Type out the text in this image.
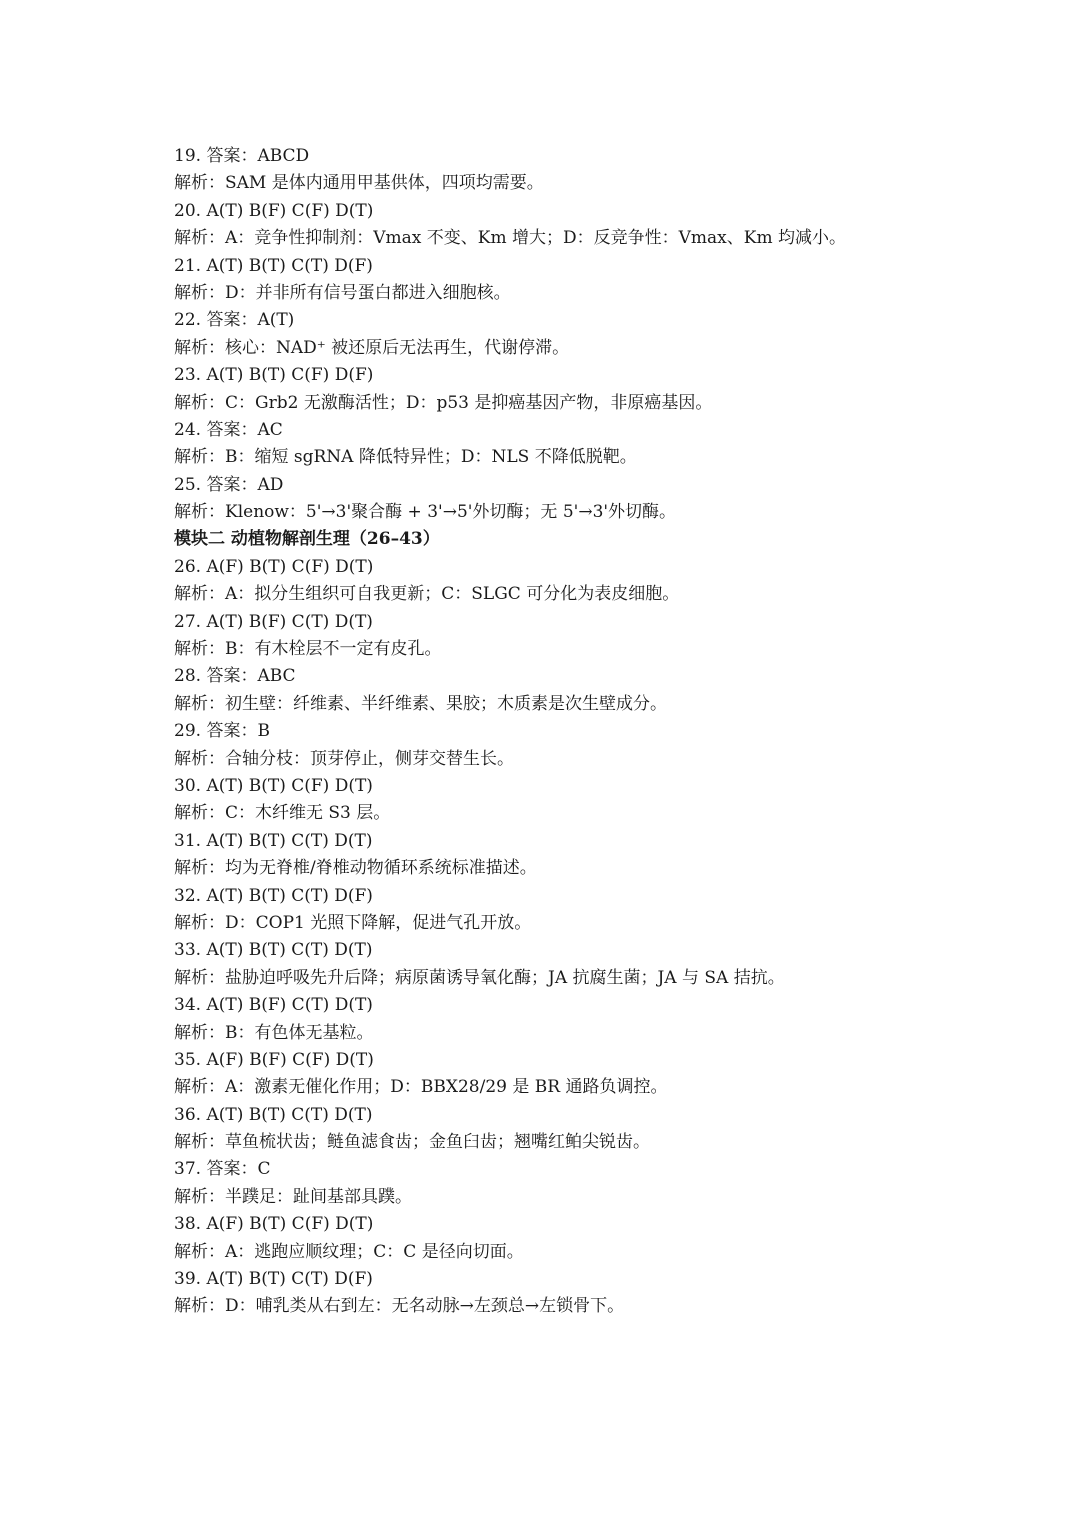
19. 答案：ABCD
解析：SAM 是体内通用甲基供体，四项均需要。
20. A(T) B(F) C(F) D(T)
解析：A：竞争性抑制剂：Vmax 不变、Km 增大；D：反竞争性：Vmax、Km 均减小。
21. A(T) B(T) C(T) D(F)
解析：D：并非所有信号蛋白都进入细胞核。
22. 答案：A(T)
解析：核心：NAD⁺ 被还原后无法再生，代谢停滞。
23. A(T) B(T) C(F) D(F)
解析：C：Grb2 无激酶活性；D：p53 是抑癌基因产物，非原癌基因。
24. 答案：AC
解析：B：缩短 sgRNA 降低特异性；D：NLS 不降低脱靶。
25. 答案：AD
解析：Klenow：5'→3'聚合酶 + 3'→5'外切酶；无 5'→3'外切酶。
模块二 动植物解剖生理（26–43）
26. A(F) B(T) C(F) D(T)
解析：A：拟分生组织可自我更新；C：SLGC 可分化为表皮细胞。
27. A(T) B(F) C(T) D(T)
解析：B：有木栓层不一定有皮孔。
28. 答案：ABC
解析：初生壁：纤维素、半纤维素、果胶；木质素是次生壁成分。
29. 答案：B
解析：合轴分枝：顶芽停止，侧芽交替生长。
30. A(T) B(T) C(F) D(T)
解析：C：木纤维无 S3 层。
31. A(T) B(T) C(T) D(T)
解析：均为无脊椎/脊椎动物循环系统标准描述。
32. A(T) B(T) C(T) D(F)
解析：D：COP1 光照下降解，促进气孔开放。
33. A(T) B(T) C(T) D(T)
解析：盐胁迫呼吸先升后降；病原菌诱导氧化酶；JA 抗腐生菌；JA 与 SA 拮抗。
34. A(T) B(F) C(T) D(T)
解析：B：有色体无基粒。
35. A(F) B(F) C(F) D(T)
解析：A：激素无催化作用；D：BBX28/29 是 BR 通路负调控。
36. A(T) B(T) C(T) D(T)
解析：草鱼梳状齿；鲢鱼滤食齿；金鱼臼齿；翘嘴红鲌尖锐齿。
37. 答案：C
解析：半蹼足：趾间基部具蹼。
38. A(F) B(T) C(F) D(T)
解析：A：逃跑应顺纹理；C：C 是径向切面。
39. A(T) B(T) C(T) D(F)
解析：D：哺乳类从右到左：无名动脉→左颈总→左锁骨下。
